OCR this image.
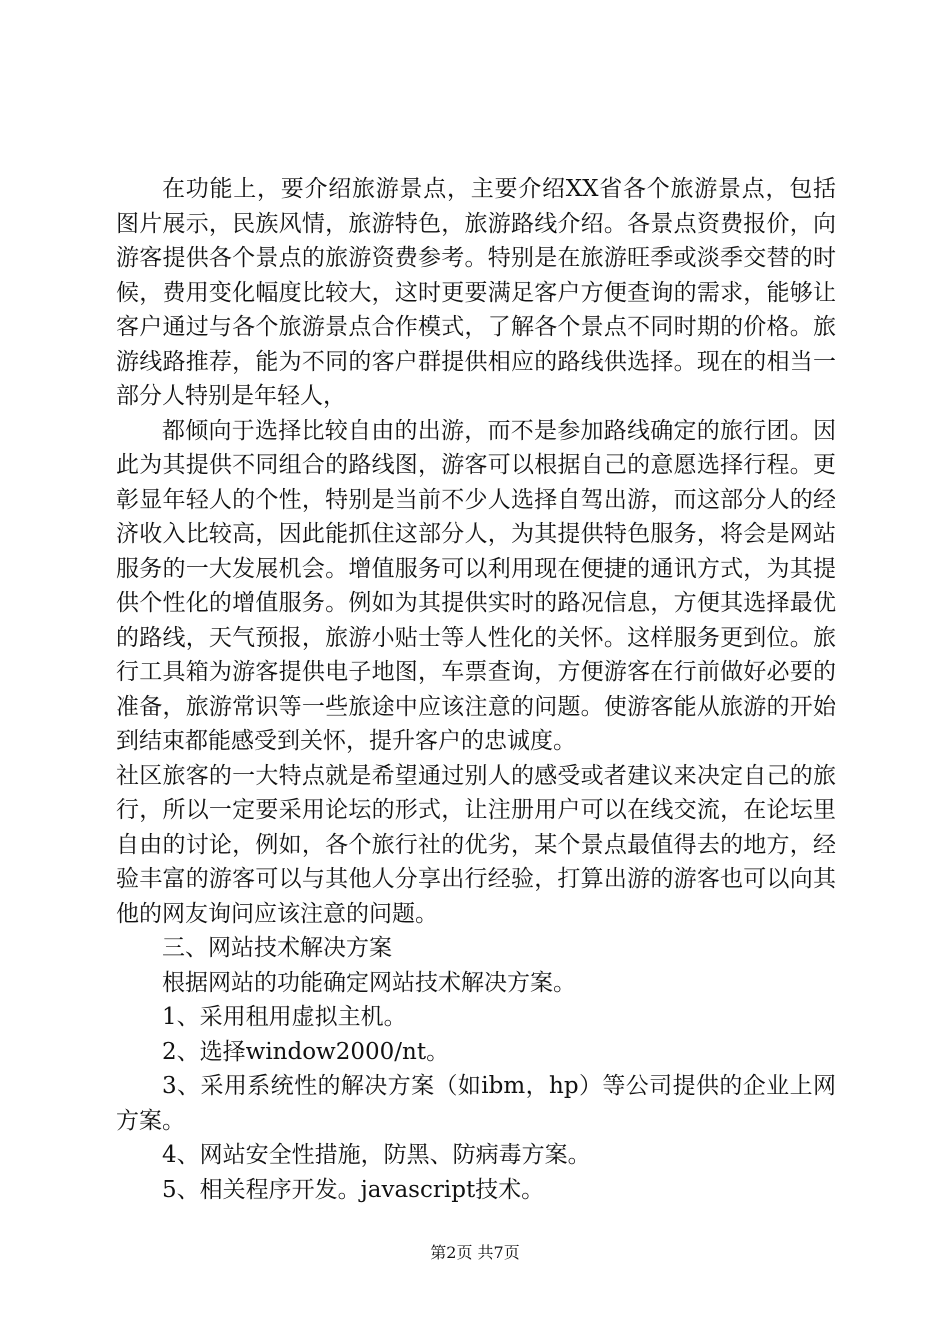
在功能上，要介绍旅游景点，主要介绍XX省各个旅游景点，包括图片展示，民族风情，旅游特色，旅游路线介绍。各景点资费报价，向游客提供各个景点的旅游资费参考。特别是在旅游旺季或淡季交替的时候，费用变化幅度比较大，这时更要满足客户方便查询的需求，能够让客户通过与各个旅游景点合作模式，了解各个景点不同时期的价格。旅游线路推荐，能为不同的客户群提供相应的路线供选择。现在的相当一部分人特别是年轻人，

都倾向于选择比较自由的出游，而不是参加路线确定的旅行团。因此为其提供不同组合的路线图，游客可以根据自己的意愿选择行程。更彰显年轻人的个性，特别是当前不少人选择自驾出游，而这部分人的经济收入比较高，因此能抓住这部分人，为其提供特色服务，将会是网站服务的一大发展机会。增值服务可以利用现在便捷的通讯方式，为其提供个性化的增值服务。例如为其提供实时的路况信息，方便其选择最优的路线，天气预报，旅游小贴士等人性化的关怀。这样服务更到位。旅行工具箱为游客提供电子地图，车票查询，方便游客在行前做好必要的准备，旅游常识等一些旅途中应该注意的问题。使游客能从旅游的开始到结束都能感受到关怀，提升客户的忠诚度。

社区旅客的一大特点就是希望通过别人的感受或者建议来决定自己的旅行，所以一定要采用论坛的形式，让注册用户可以在线交流，在论坛里自由的讨论，例如，各个旅行社的优劣，某个景点最值得去的地方，经验丰富的游客可以与其他人分享出行经验，打算出游的游客也可以向其他的网友询问应该注意的问题。

三、网站技术解决方案

根据网站的功能确定网站技术解决方案。

1、采用租用虚拟主机。

2、选择window2000/nt。

3、采用系统性的解决方案（如ibm，hp）等公司提供的企业上网方案。

4、网站安全性措施，防黑、防病毒方案。

5、相关程序开发。javascript技术。

第2页 共7页
